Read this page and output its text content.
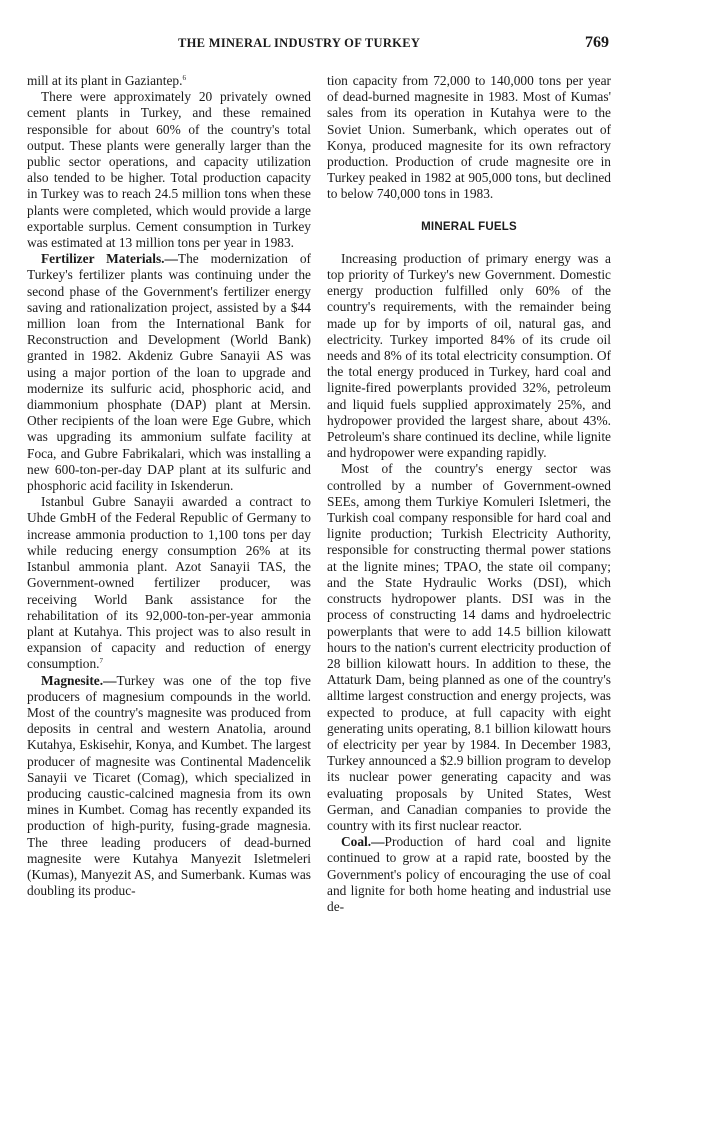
THE MINERAL INDUSTRY OF TURKEY	769

mill at its plant in Gaziantep.$^6$

There were approximately 20 privately owned cement plants in Turkey, and these remained responsible for about 60% of the country's total output. These plants were generally larger than the public sector operations, and capacity utilization also tended to be higher. Total production capacity in Turkey was to reach 24.5 million tons when these plants were completed, which would provide a large exportable surplus. Cement consumption in Turkey was estimated at 13 million tons per year in 1983.

Fertilizer Materials.—The modernization of Turkey's fertilizer plants was continuing under the second phase of the Government's fertilizer energy saving and rationalization project, assisted by a $44 million loan from the International Bank for Reconstruction and Development (World Bank) granted in 1982. Akdeniz Gubre Sanayii AS was using a major portion of the loan to upgrade and modernize its sulfuric acid, phosphoric acid, and diammonium phosphate (DAP) plant at Mersin. Other recipients of the loan were Ege Gubre, which was upgrading its ammonium sulfate facility at Foca, and Gubre Fabrikalari, which was installing a new 600-ton-per-day DAP plant at its sulfuric and phosphoric acid facility in Iskenderun.

Istanbul Gubre Sanayii awarded a contract to Uhde GmbH of the Federal Republic of Germany to increase ammonia production to 1,100 tons per day while reducing energy consumption 26% at its Istanbul ammonia plant. Azot Sanayii TAS, the Government-owned fertilizer producer, was receiving World Bank assistance for the rehabilitation of its 92,000-ton-per-year ammonia plant at Kutahya. This project was to also result in expansion of capacity and reduction of energy consumption.$^7$

Magnesite.—Turkey was one of the top five producers of magnesium compounds in the world. Most of the country's magnesite was produced from deposits in central and western Anatolia, around Kutahya, Eskisehir, Konya, and Kumbet. The largest producer of magnesite was Continental Madencelik Sanayii ve Ticaret (Comag), which specialized in producing caustic-calcined magnesia from its own mines in Kumbet. Comag has recently expanded its production of high-purity, fusing-grade magnesia. The three leading producers of dead-burned magnesite were Kutahya Manyezit Isletmeleri (Kumas), Manyezit AS, and Sumerbank. Kumas was doubling its produc-

tion capacity from 72,000 to 140,000 tons per year of dead-burned magnesite in 1983. Most of Kumas' sales from its operation in Kutahya were to the Soviet Union. Sumerbank, which operates out of Konya, produced magnesite for its own refractory production. Production of crude magnesite ore in Turkey peaked in 1982 at 905,000 tons, but declined to below 740,000 tons in 1983.

MINERAL FUELS

Increasing production of primary energy was a top priority of Turkey's new Government. Domestic energy production fulfilled only 60% of the country's requirements, with the remainder being made up for by imports of oil, natural gas, and electricity. Turkey imported 84% of its crude oil needs and 8% of its total electricity consumption. Of the total energy produced in Turkey, hard coal and lignite-fired powerplants provided 32%, petroleum and liquid fuels supplied approximately 25%, and hydropower provided the largest share, about 43%. Petroleum's share continued its decline, while lignite and hydropower were expanding rapidly.

Most of the country's energy sector was controlled by a number of Government-owned SEEs, among them Turkiye Komuleri Isletmeri, the Turkish coal company responsible for hard coal and lignite production; Turkish Electricity Authority, responsible for constructing thermal power stations at the lignite mines; TPAO, the state oil company; and the State Hydraulic Works (DSI), which constructs hydropower plants. DSI was in the process of constructing 14 dams and hydroelectric powerplants that were to add 14.5 billion kilowatt hours to the nation's current electricity production of 28 billion kilowatt hours. In addition to these, the Attaturk Dam, being planned as one of the country's alltime largest construction and energy projects, was expected to produce, at full capacity with eight generating units operating, 8.1 billion kilowatt hours of electricity per year by 1984. In December 1983, Turkey announced a $2.9 billion program to develop its nuclear power generating capacity and was evaluating proposals by United States, West German, and Canadian companies to provide the country with its first nuclear reactor.

Coal.—Production of hard coal and lignite continued to grow at a rapid rate, boosted by the Government's policy of encouraging the use of coal and lignite for both home heating and industrial use de-
